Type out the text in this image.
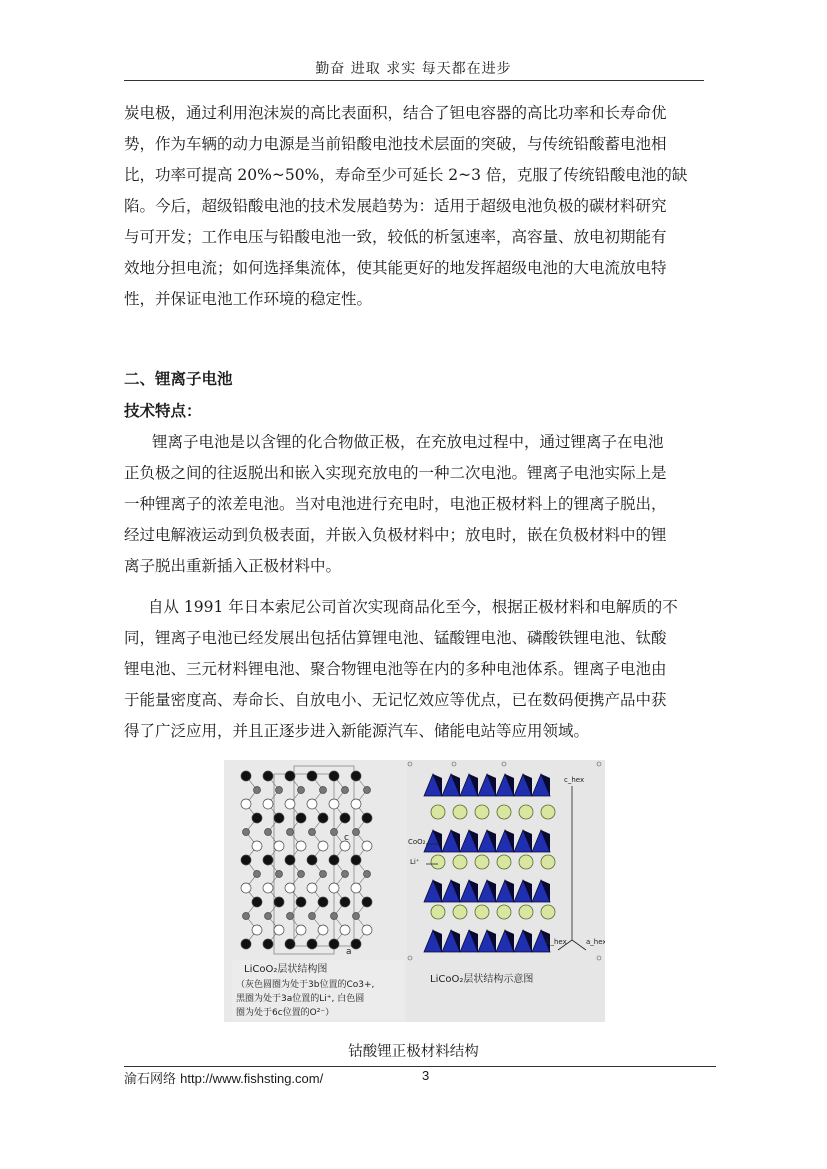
勤奋 进取 求实 每天都在进步
炭电极，通过利用泡沫炭的高比表面积，结合了钽电容器的高比功率和长寿命优
势，作为车辆的动力电源是当前铅酸电池技术层面的突破，与传统铅酸蓄电池相
比，功率可提高 20%~50%，寿命至少可延长 2~3 倍，克服了传统铅酸电池的缺
陷。今后，超级铅酸电池的技术发展趋势为：适用于超级电池负极的碳材料研究
与可开发；工作电压与铅酸电池一致，较低的析氢速率，高容量、放电初期能有
效地分担电流；如何选择集流体，使其能更好的地发挥超级电池的大电流放电特
性，并保证电池工作环境的稳定性。
二、锂离子电池
技术特点：
锂离子电池是以含锂的化合物做正极，在充放电过程中，通过锂离子在电池
正负极之间的往返脱出和嵌入实现充放电的一种二次电池。锂离子电池实际上是
一种锂离子的浓差电池。当对电池进行充电时，电池正极材料上的锂离子脱出，
经过电解液运动到负极表面，并嵌入负极材料中；放电时，嵌在负极材料中的锂
离子脱出重新插入正极材料中。
自从 1991 年日本索尼公司首次实现商品化至今，根据正极材料和电解质的不
同，锂离子电池已经发展出包括估算锂电池、锰酸锂电池、磷酸铁锂电池、钛酸
锂电池、三元材料锂电池、聚合物锂电池等在内的多种电池体系。锂离子电池由
于能量密度高、寿命长、自放电小、无记忆效应等优点，已在数码便携产品中获
得了广泛应用，并且正逐步进入新能源汽车、储能电站等应用领域。
c
a
LiCoO₂层状结构图
（灰色圆圈为处于3b位置的Co3+,
黑圈为处于3a位置的Li⁺, 白色圆
圈为处于6c位置的O²⁻）
CoO₂
Li⁺
c_hex
b_hex	a_hex
LiCoO₂层状结构示意图
钴酸锂正极材料结构
渝石网络 http://www.fishsting.com/	3
